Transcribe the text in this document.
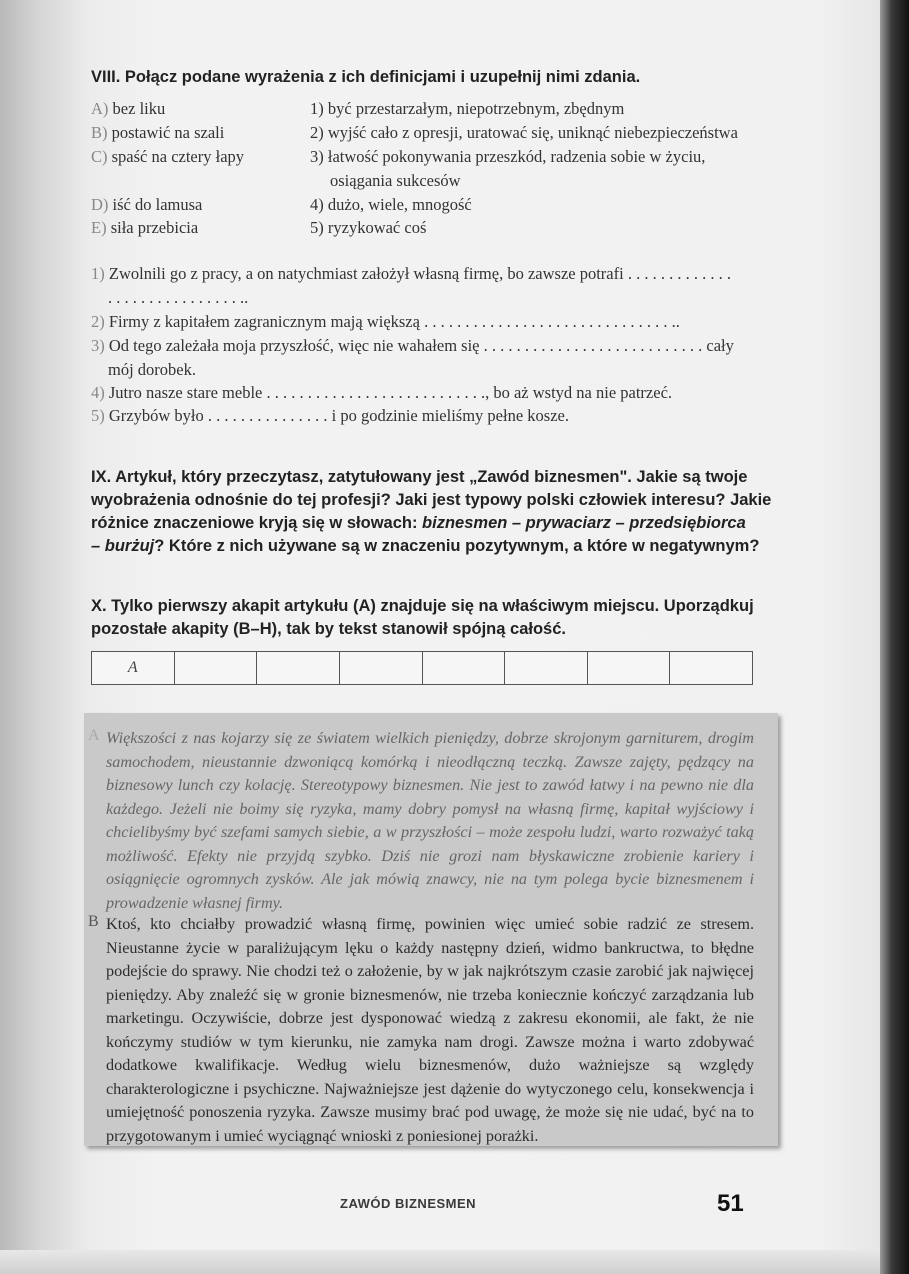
VIII. Połącz podane wyrażenia z ich definicjami i uzupełnij nimi zdania.
A) bez liku
B) postawić na szali
C) spaść na cztery łapy
D) iść do lamusa
E) siła przebicia
1) być przestarzałym, niepotrzebnym, zbędnym
2) wyjść cało z opresji, uratować się, uniknąć niebezpieczeństwa
3) łatwość pokonywania przeszkód, radzenia sobie w życiu,
osiągania sukcesów
4) dużo, wiele, mnogość
5) ryzykować coś
1) Zwolnili go z pracy, a on natychmiast założył własną firmę, bo zawsze potrafi . . . . . . . . . . . . .
. . . . . . . . . . . . . . . . ..
2) Firmy z kapitałem zagranicznym mają większą . . . . . . . . . . . . . . . . . . . . . . . . . . . . . . ..
3) Od tego zależała moja przyszłość, więc nie wahałem się . . . . . . . . . . . . . . . . . . . . . . . . . . . cały
mój dorobek.
4) Jutro nasze stare meble . . . . . . . . . . . . . . . . . . . . . . . . . . ., bo aż wstyd na nie patrzeć.
5) Grzybów było . . . . . . . . . . . . . . . i po godzinie mieliśmy pełne kosze.
IX. Artykuł, który przeczytasz, zatytułowany jest „Zawód biznesmen". Jakie są twoje
wyobrażenia odnośnie do tej profesji? Jaki jest typowy polski człowiek interesu? Jakie
różnice znaczeniowe kryją się w słowach: biznesmen – prywaciarz – przedsiębiorca
– burżuj? Które z nich używane są w znaczeniu pozytywnym, a które w negatywnym?
X. Tylko pierwszy akapit artykułu (A) znajduje się na właściwym miejscu. Uporządkuj
pozostałe akapity (B–H), tak by tekst stanowił spójną całość.
A
A Większości z nas kojarzy się ze światem wielkich pieniędzy, dobrze skrojonym garniturem, drogim samochodem, nieustannie dzwoniącą komórką i nieodłączną teczką. Zawsze zajęty, pędzący na biznesowy lunch czy kolację. Stereotypowy biznesmen. Nie jest to zawód łatwy i na pewno nie dla każdego. Jeżeli nie boimy się ryzyka, mamy dobry pomysł na własną firmę, kapitał wyjściowy i chcielibyśmy być szefami samych siebie, a w przyszłości – może zespołu ludzi, warto rozważyć taką możliwość. Efekty nie przyjdą szybko. Dziś nie grozi nam błyskawiczne zrobienie kariery i osiągnięcie ogromnych zysków. Ale jak mówią znawcy, nie na tym polega bycie biznesmenem i prowadzenie własnej firmy.

B Ktoś, kto chciałby prowadzić własną firmę, powinien więc umieć sobie radzić ze stresem. Nieustanne życie w paraliżującym lęku o każdy następny dzień, widmo bankructwa, to błędne podejście do sprawy. Nie chodzi też o założenie, by w jak najkrótszym czasie zarobić jak najwięcej pieniędzy. Aby znaleźć się w gronie biznesmenów, nie trzeba koniecznie kończyć zarządzania lub marketingu. Oczywiście, dobrze jest dysponować wiedzą z zakresu ekonomii, ale fakt, że nie kończymy studiów w tym kierunku, nie zamyka nam drogi. Zawsze można i warto zdobywać dodatkowe kwalifikacje. Według wielu biznesmenów, dużo ważniejsze są względy charakterologiczne i psychiczne. Najważniejsze jest dążenie do wytyczonego celu, konsekwencja i umiejętność ponoszenia ryzyka. Zawsze musimy brać pod uwagę, że może się nie udać, być na to przygotowanym i umieć wyciągnąć wnioski z poniesionej porażki.

ZAWÓD BIZNESMEN	51
